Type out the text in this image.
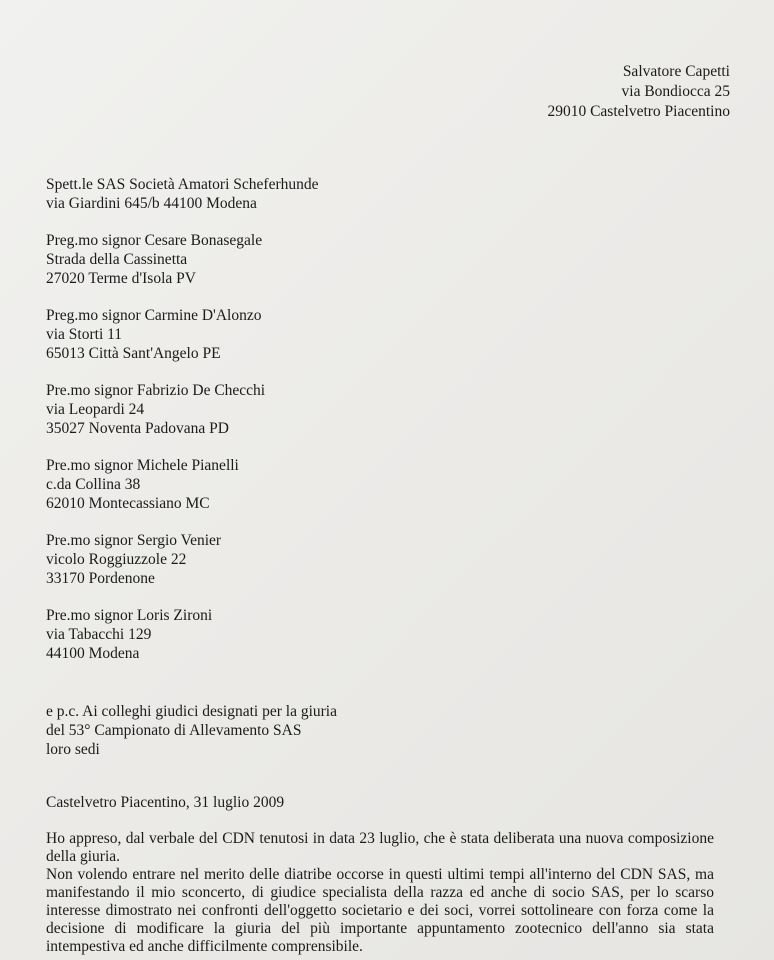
Salvatore Capetti
via Bondiocca 25
29010 Castelvetro Piacentino
Spett.le SAS Società Amatori Scheferhunde
via Giardini 645/b 44100 Modena
Preg.mo signor Cesare Bonasegale
Strada della Cassinetta
27020 Terme d'Isola PV
Preg.mo signor Carmine D'Alonzo
via Storti 11
65013 Città Sant'Angelo PE
Pre.mo signor Fabrizio De Checchi
via Leopardi 24
35027 Noventa Padovana PD
Pre.mo signor Michele Pianelli
c.da Collina 38
62010 Montecassiano MC
Pre.mo signor Sergio Venier
vicolo Roggiuzzole 22
33170 Pordenone
Pre.mo signor Loris Zironi
via Tabacchi 129
44100 Modena
e p.c. Ai colleghi giudici designati per la giuria
del 53° Campionato di Allevamento SAS
loro sedi
Castelvetro Piacentino, 31 luglio 2009

Ho appreso, dal verbale del CDN tenutosi in data 23 luglio, che è stata deliberata una nuova composizione della giuria.

Non volendo entrare nel merito delle diatribe occorse in questi ultimi tempi all'interno del CDN SAS, ma manifestando il mio sconcerto, di giudice specialista della razza ed anche di socio SAS, per lo scarso interesse dimostrato nei confronti dell'oggetto societario e dei soci, vorrei sottolineare con forza come la decisione di modificare la giuria del più importante appuntamento zootecnico dell'anno sia stata intempestiva ed anche difficilmente comprensibile.
